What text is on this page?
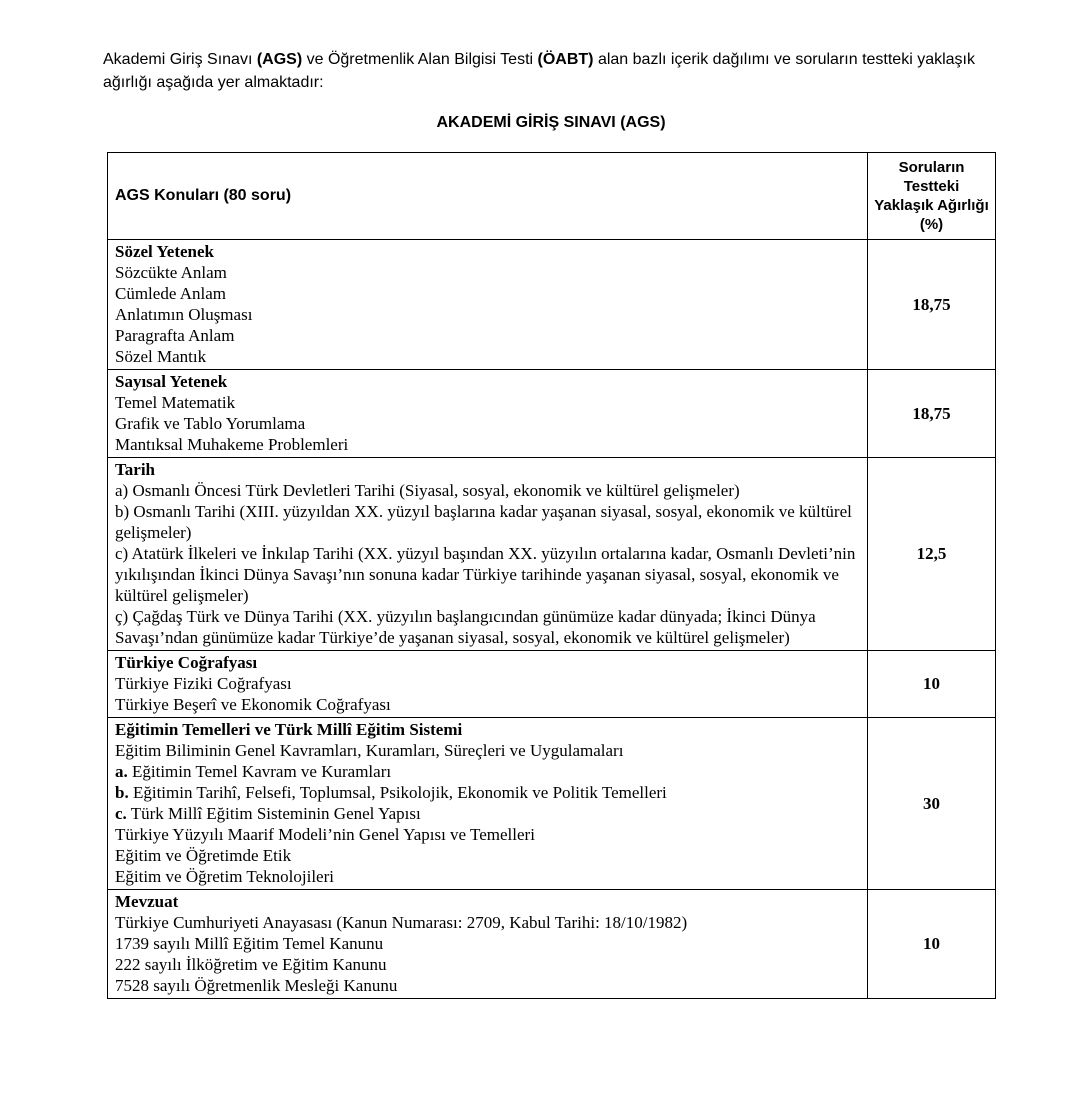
Akademi Giriş Sınavı (AGS) ve Öğretmenlik Alan Bilgisi Testi (ÖABT) alan bazlı içerik dağılımı ve soruların testteki yaklaşık ağırlığı aşağıda yer almaktadır:

AKADEMİ GİRİŞ SINAVI (AGS)
AGS Konuları (80 soru)	Soruların Testteki Yaklaşık Ağırlığı (%)

Sözel Yetenek
Sözcükte Anlam
Cümlede Anlam
Anlatımın Oluşması
Paragrafta Anlam
Sözel Mantık
	18,75

Sayısal Yetenek
Temel Matematik
Grafik ve Tablo Yorumlama
Mantıksal Muhakeme Problemleri	18,75

Tarih
a) Osmanlı Öncesi Türk Devletleri Tarihi (Siyasal, sosyal, ekonomik ve kültürel gelişmeler)
b) Osmanlı Tarihi (XIII. yüzyıldan XX. yüzyıl başlarına kadar yaşanan siyasal, sosyal, ekonomik ve kültürel gelişmeler)
c) Atatürk İlkeleri ve İnkılap Tarihi (XX. yüzyıl başından XX. yüzyılın ortalarına kadar, Osmanlı Devleti’nin yıkılışından İkinci Dünya Savaşı’nın sonuna kadar Türkiye tarihinde yaşanan siyasal, sosyal, ekonomik ve kültürel gelişmeler)
ç) Çağdaş Türk ve Dünya Tarihi (XX. yüzyılın başlangıcından günümüze kadar dünyada; İkinci Dünya Savaşı’ndan günümüze kadar Türkiye’de yaşanan siyasal, sosyal, ekonomik ve kültürel gelişmeler)	12,5

Türkiye Coğrafyası
Türkiye Fiziki Coğrafyası
Türkiye Beşerî ve Ekonomik Coğrafyası	10

Eğitimin Temelleri ve Türk Millî Eğitim Sistemi
Eğitim Biliminin Genel Kavramları, Kuramları, Süreçleri ve Uygulamaları
a. Eğitimin Temel Kavram ve Kuramları
b. Eğitimin Tarihî, Felsefi, Toplumsal, Psikolojik, Ekonomik ve Politik Temelleri
c. Türk Millî Eğitim Sisteminin Genel Yapısı
Türkiye Yüzyılı Maarif Modeli’nin Genel Yapısı ve Temelleri
Eğitim ve Öğretimde Etik
Eğitim ve Öğretim Teknolojileri
	30

Mevzuat
Türkiye Cumhuriyeti Anayasası (Kanun Numarası: 2709, Kabul Tarihi: 18/10/1982)
1739 sayılı Millî Eğitim Temel Kanunu
222 sayılı İlköğretim ve Eğitim Kanunu
7528 sayılı Öğretmenlik Mesleği Kanunu	10
